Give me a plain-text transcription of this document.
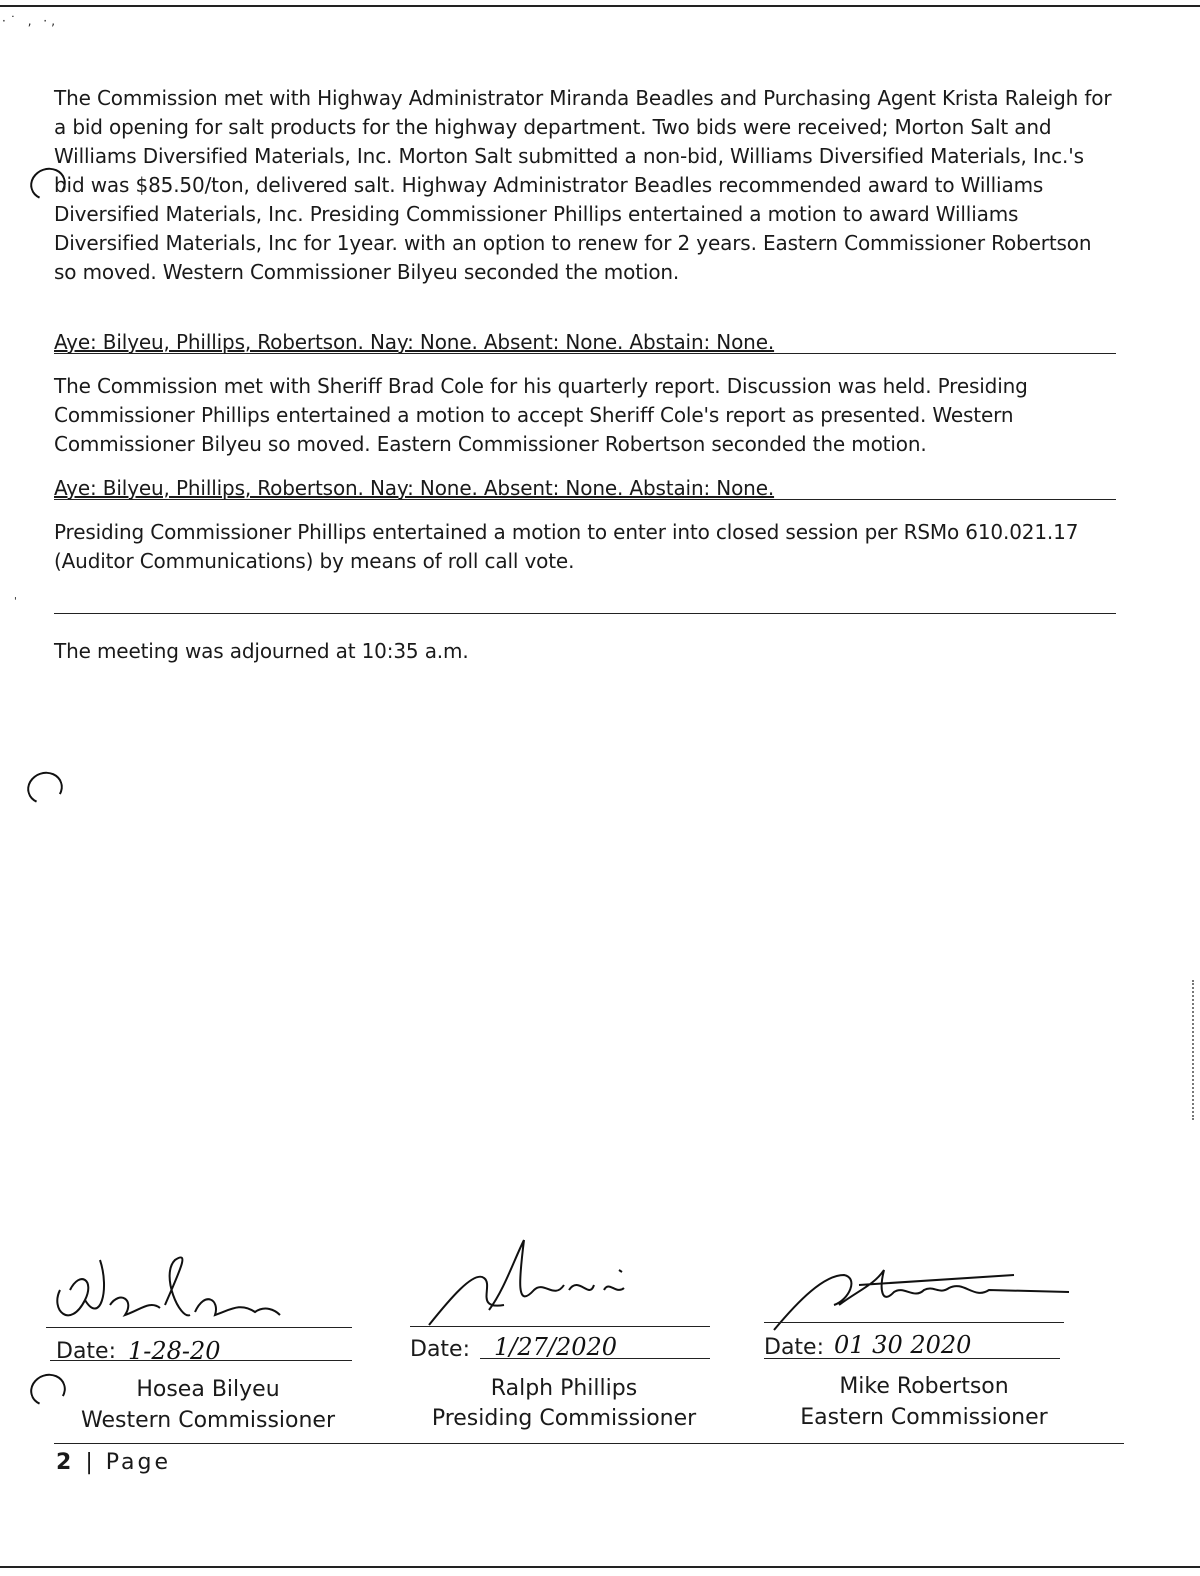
·˙ ‚ ·‚
'

The Commission met with Highway Administrator Miranda Beadles and Purchasing Agent Krista Raleigh for a bid opening for salt products for the highway department. Two bids were received; Morton Salt and Williams Diversified Materials, Inc. Morton Salt submitted a non-bid, Williams Diversified Materials, Inc.'s bid was $85.50/ton, delivered salt. Highway Administrator Beadles recommended award to Williams Diversified Materials, Inc. Presiding Commissioner Phillips entertained a motion to award Williams Diversified Materials, Inc for 1year. with an option to renew for 2 years. Eastern Commissioner Robertson so moved. Western Commissioner Bilyeu seconded the motion.

Aye: Bilyeu, Phillips, Robertson. Nay: None. Absent: None. Abstain: None.

The Commission met with Sheriff Brad Cole for his quarterly report. Discussion was held. Presiding Commissioner Phillips entertained a motion to accept Sheriff Cole's report as presented. Western Commissioner Bilyeu so moved. Eastern Commissioner Robertson seconded the motion.

Aye: Bilyeu, Phillips, Robertson. Nay: None. Absent: None. Abstain: None.

Presiding Commissioner Phillips entertained a motion to enter into closed session per RSMo 610.021.17 (Auditor Communications) by means of roll call vote.

The meeting was adjourned at 10:35 a.m.

Date: 1-28-20
Hosea Bilyeu
Western Commissioner
Date: 1/27/2020
Ralph Phillips
Presiding Commissioner
Date: 01 30 2020
Mike Robertson
Eastern Commissioner
2 | Page
